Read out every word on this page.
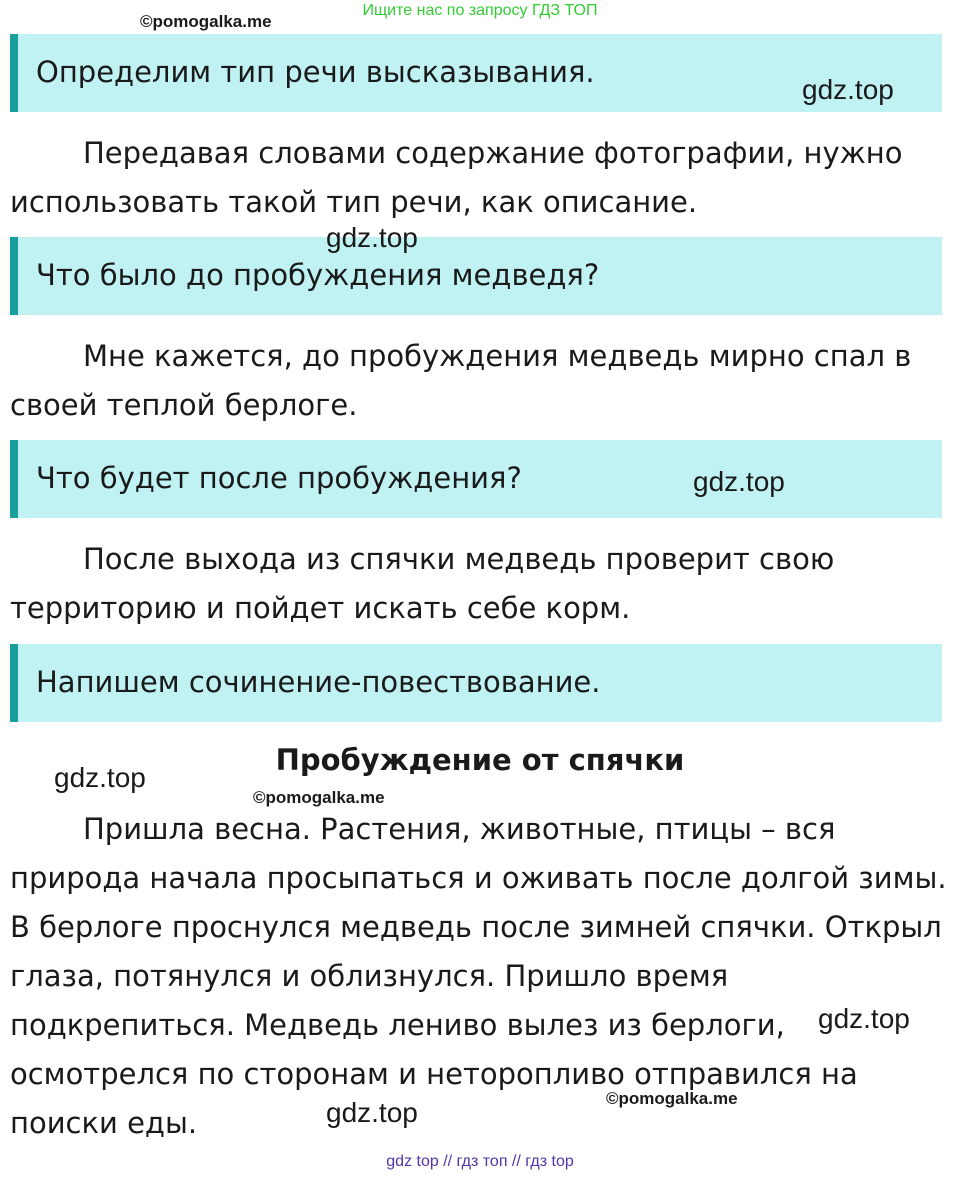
Ищите нас по запросу ГДЗ ТОП
©pomogalka.me
Определим тип речи высказывания.
gdz.top

Передавая словами содержание фотографии, нужно использовать такой тип речи, как описание.

Что было до пробуждения медведя?
gdz.top

Мне кажется, до пробуждения медведь мирно спал в своей теплой берлоге.

Что будет после пробуждения?	gdz.top

После выхода из спячки медведь проверит свою территорию и пойдет искать себе корм.

Напишем сочинение-повествование.
Пробуждение от спячки
gdz.top
©pomogalka.me

Пришла весна. Растения, животные, птицы – вся природа начала просыпаться и оживать после долгой зимы. В берлоге проснулся медведь после зимней спячки. Открыл глаза, потянулся и облизнулся. Пришло время подкрепиться. Медведь лениво вылез из берлоги, осмотрелся по сторонам и неторопливо отправился на поиски еды.

gdz.top
©pomogalka.me
gdz.top
gdz top // гдз топ // гдз top
